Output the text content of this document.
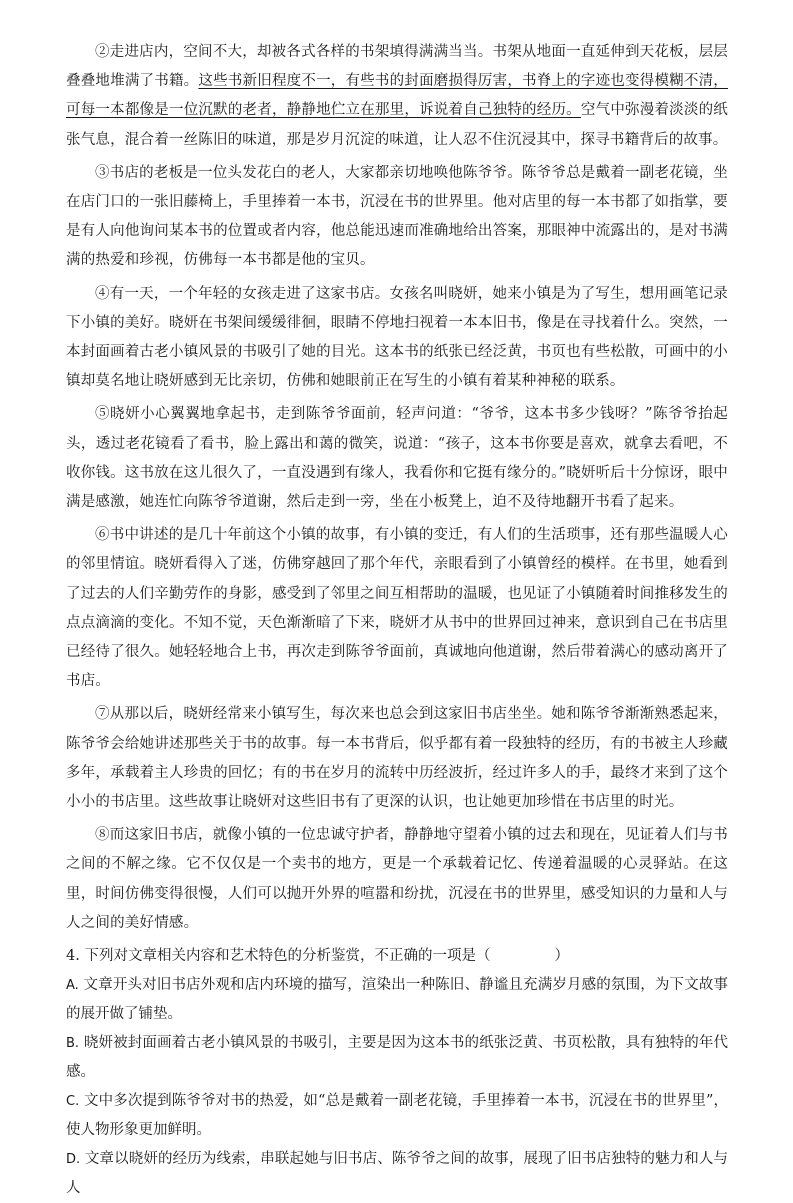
②走进店内，空间不大，却被各式各样的书架填得满满当当。书架从地面一直延伸到天花板，层层叠叠地堆满了书籍。这些书新旧程度不一，有些书的封面磨损得厉害，书脊上的字迹也变得模糊不清，可每一本都像是一位沉默的老者，静静地伫立在那里，诉说着自己独特的经历。空气中弥漫着淡淡的纸张气息，混合着一丝陈旧的味道，那是岁月沉淀的味道，让人忍不住沉浸其中，探寻书籍背后的故事。

③书店的老板是一位头发花白的老人，大家都亲切地唤他陈爷爷。陈爷爷总是戴着一副老花镜，坐在店门口的一张旧藤椅上，手里捧着一本书，沉浸在书的世界里。他对店里的每一本书都了如指掌，要是有人向他询问某本书的位置或者内容，他总能迅速而准确地给出答案，那眼神中流露出的，是对书满满的热爱和珍视，仿佛每一本书都是他的宝贝。

④有一天，一个年轻的女孩走进了这家书店。女孩名叫晓妍，她来小镇是为了写生，想用画笔记录下小镇的美好。晓妍在书架间缓缓徘徊，眼睛不停地扫视着一本本旧书，像是在寻找着什么。突然，一本封面画着古老小镇风景的书吸引了她的目光。这本书的纸张已经泛黄，书页也有些松散，可画中的小镇却莫名地让晓妍感到无比亲切，仿佛和她眼前正在写生的小镇有着某种神秘的联系。

⑤晓妍小心翼翼地拿起书，走到陈爷爷面前，轻声问道：“爷爷，这本书多少钱呀？”陈爷爷抬起头，透过老花镜看了看书，脸上露出和蔼的微笑，说道：“孩子，这本书你要是喜欢，就拿去看吧，不收你钱。这书放在这儿很久了，一直没遇到有缘人，我看你和它挺有缘分的。”晓妍听后十分惊讶，眼中满是感激，她连忙向陈爷爷道谢，然后走到一旁，坐在小板凳上，迫不及待地翻开书看了起来。

⑥书中讲述的是几十年前这个小镇的故事，有小镇的变迁，有人们的生活琐事，还有那些温暖人心的邻里情谊。晓妍看得入了迷，仿佛穿越回了那个年代，亲眼看到了小镇曾经的模样。在书里，她看到了过去的人们辛勤劳作的身影，感受到了邻里之间互相帮助的温暖，也见证了小镇随着时间推移发生的点点滴滴的变化。不知不觉，天色渐渐暗了下来，晓妍才从书中的世界回过神来，意识到自己在书店里已经待了很久。她轻轻地合上书，再次走到陈爷爷面前，真诚地向他道谢，然后带着满心的感动离开了书店。

⑦从那以后，晓妍经常来小镇写生，每次来也总会到这家旧书店坐坐。她和陈爷爷渐渐熟悉起来，陈爷爷会给她讲述那些关于书的故事。每一本书背后，似乎都有着一段独特的经历，有的书被主人珍藏多年，承载着主人珍贵的回忆；有的书在岁月的流转中历经波折，经过许多人的手，最终才来到了这个小小的书店里。这些故事让晓妍对这些旧书有了更深的认识，也让她更加珍惜在书店里的时光。

⑧而这家旧书店，就像小镇的一位忠诚守护者，静静地守望着小镇的过去和现在，见证着人们与书之间的不解之缘。它不仅仅是一个卖书的地方，更是一个承载着记忆、传递着温暖的心灵驿站。在这里，时间仿佛变得很慢，人们可以抛开外界的喧嚣和纷扰，沉浸在书的世界里，感受知识的力量和人与人之间的美好情感。

4. 下列对文章相关内容和艺术特色的分析鉴赏，不正确的一项是（	）

A. 文章开头对旧书店外观和店内环境的描写，渲染出一种陈旧、静谧且充满岁月感的氛围，为下文故事的展开做了铺垫。

B. 晓妍被封面画着古老小镇风景的书吸引，主要是因为这本书的纸张泛黄、书页松散，具有独特的年代感。

C. 文中多次提到陈爷爷对书的热爱，如“总是戴着一副老花镜，手里捧着一本书，沉浸在书的世界里”，使人物形象更加鲜明。

D. 文章以晓妍的经历为线索，串联起她与旧书店、陈爷爷之间的故事，展现了旧书店独特的魅力和人与人
